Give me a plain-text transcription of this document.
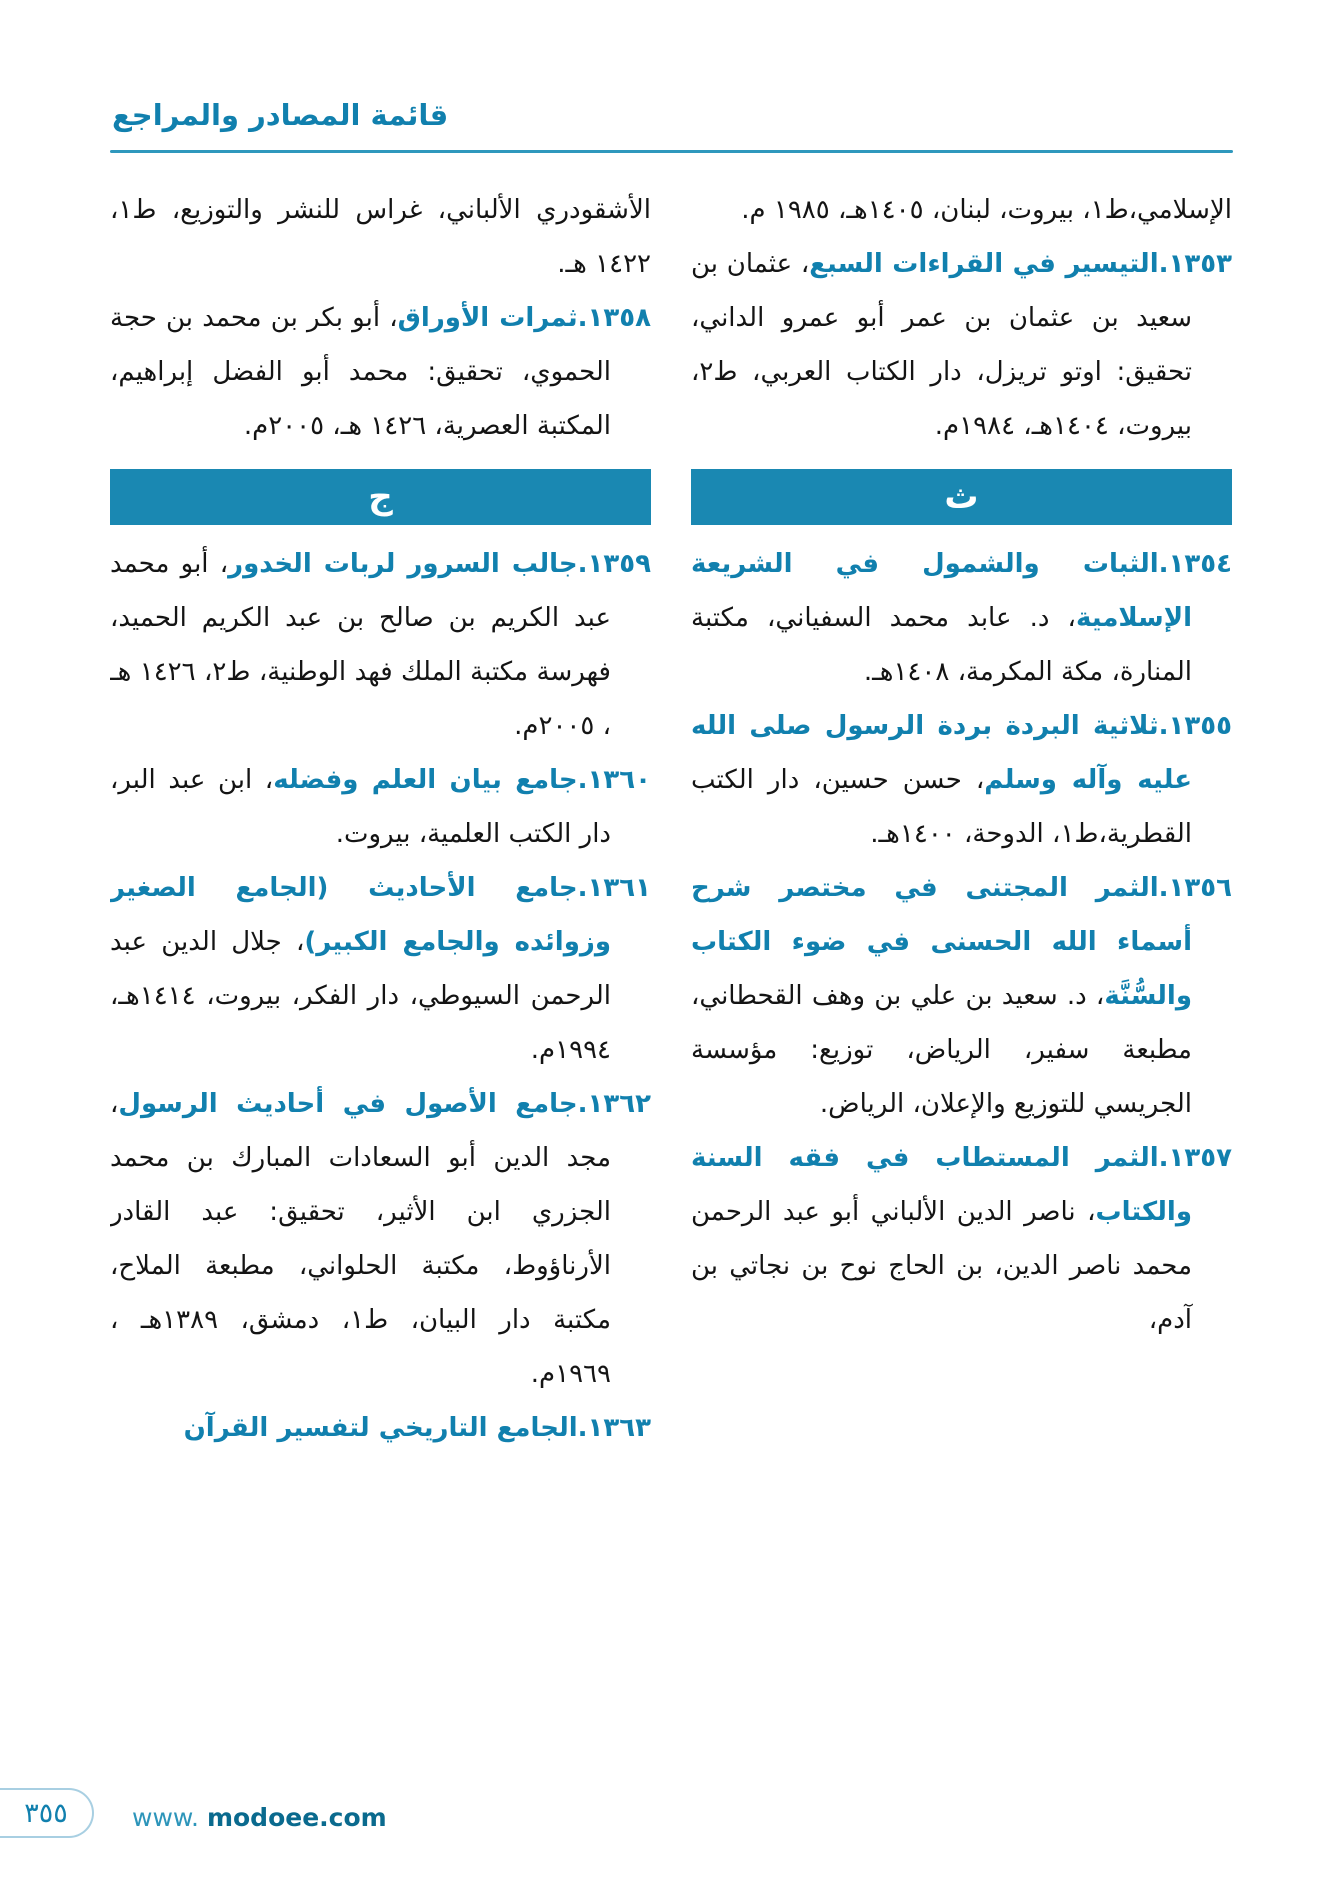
قائمة المصادر والمراجع

الإسلامي،ط١، بيروت، لبنان، ١٤٠٥هـ، ١٩٨٥ م.

١٣٥٣.التيسير في القراءات السبع، عثمان بن سعيد بن عثمان بن عمر أبو عمرو الداني، تحقيق: اوتو تريزل، دار الكتاب العربي، ط٢، بيروت، ١٤٠٤هـ، ١٩٨٤م.

ث

١٣٥٤.الثبات والشمول في الشريعة الإسلامية، د. عابد محمد السفياني، مكتبة المنارة، مكة المكرمة، ١٤٠٨هـ.

١٣٥٥.ثلاثية البردة بردة الرسول صلى الله عليه وآله وسلم، حسن حسين، دار الكتب القطرية،ط١، الدوحة، ١٤٠٠هـ.

١٣٥٦.الثمر المجتنى في مختصر شرح أسماء الله الحسنى في ضوء الكتاب والسُّنَّة، د. سعيد بن علي بن وهف القحطاني، مطبعة سفير، الرياض، توزيع: مؤسسة الجريسي للتوزيع والإعلان، الرياض.

١٣٥٧.الثمر المستطاب في فقه السنة والكتاب، ناصر الدين الألباني أبو عبد الرحمن محمد ناصر الدين، بن الحاج نوح بن نجاتي بن آدم،

الأشقودري الألباني، غراس للنشر والتوزيع، ط١، ١٤٢٢ هـ.

١٣٥٨.ثمرات الأوراق، أبو بكر بن محمد بن حجة الحموي، تحقيق: محمد أبو الفضل إبراهيم، المكتبة العصرية، ١٤٢٦ هـ، ٢٠٠٥م.

ج

١٣٥٩.جالب السرور لربات الخدور، أبو محمد عبد الكريم بن صالح بن عبد الكريم الحميد، فهرسة مكتبة الملك فهد الوطنية، ط٢، ١٤٢٦ هـ ، ٢٠٠٥م.

١٣٦٠.جامع بيان العلم وفضله، ابن عبد البر، دار الكتب العلمية، بيروت.

١٣٦١.جامع الأحاديث (الجامع الصغير وزوائده والجامع الكبير)، جلال الدين عبد الرحمن السيوطي، دار الفكر، بيروت، ١٤١٤هـ، ١٩٩٤م.

١٣٦٢.جامع الأصول في أحاديث الرسول، مجد الدين أبو السعادات المبارك بن محمد الجزري ابن الأثير، تحقيق: عبد القادر الأرناؤوط، مكتبة الحلواني، مطبعة الملاح، مكتبة دار البيان، ط١، دمشق، ١٣٨٩هـ ، ١٩٦٩م.

١٣٦٣.الجامع التاريخي لتفسير القرآن

٣٥٥	www. modoee.com
